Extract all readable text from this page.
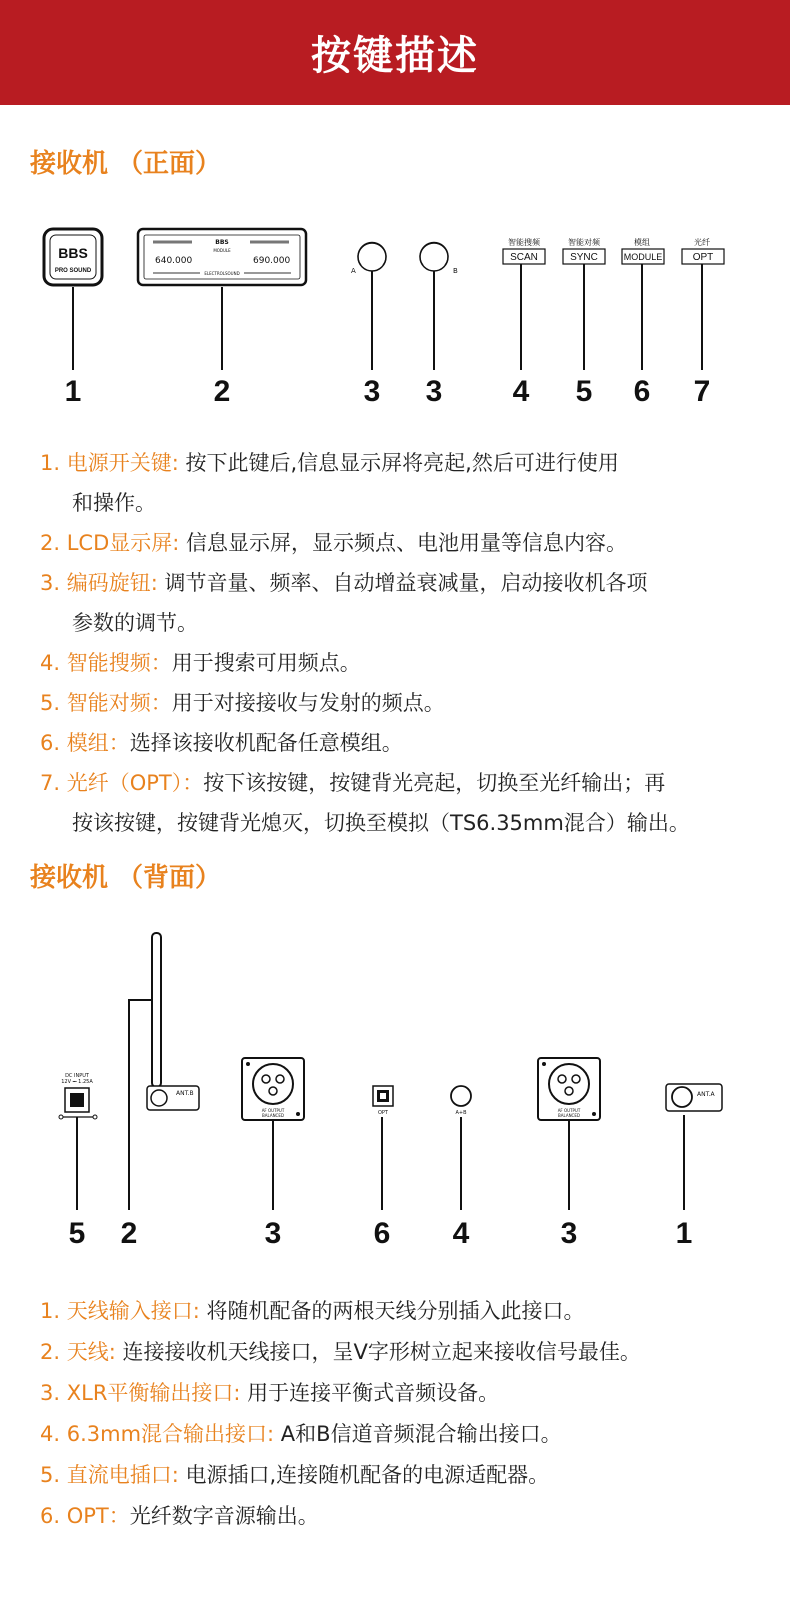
按键描述
接收机 （正面）
BBS
PRO SOUND
BBS
MODULE
640.000	690.000
ELECTROLSOUND	A	B
智能搜频
SCAN
智能对频
SYNC
模组
MODULE
光纤
OPT
1	2	3 3 4 5 6 7
1. 电源开关键: 按下此键后,信息显示屏将亮起,然后可进行使用
和操作。
2. LCD显示屏: 信息显示屏，显示频点、电池用量等信息内容。
3. 编码旋钮: 调节音量、频率、自动增益衰减量，启动接收机各项
参数的调节。
4. 智能搜频：用于搜索可用频点。
5. 智能对频：用于对接接收与发射的频点。
6. 模组：选择该接收机配备任意模组。
7. 光纤（OPT）：按下该按键，按键背光亮起，切换至光纤输出；再
按该按键，按键背光熄灭，切换至模拟（TS6.35mm混合）输出。
接收机 （背面）
DC INPUT
12V ⎓ 1.25A
ANT.B
AF OUTPUT
BALANCED	OPT	A+B	AF OUTPUT
BALANCED
ANT.A
5 2	3	6 4	3	1
1. 天线输入接口: 将随机配备的两根天线分别插入此接口。
2. 天线: 连接接收机天线接口，呈V字形树立起来接收信号最佳。
3. XLR平衡输出接口: 用于连接平衡式音频设备。
4. 6.3mm混合输出接口: A和B信道音频混合输出接口。
5. 直流电插口: 电源插口,连接随机配备的电源适配器。
6. OPT：光纤数字音源输出。
